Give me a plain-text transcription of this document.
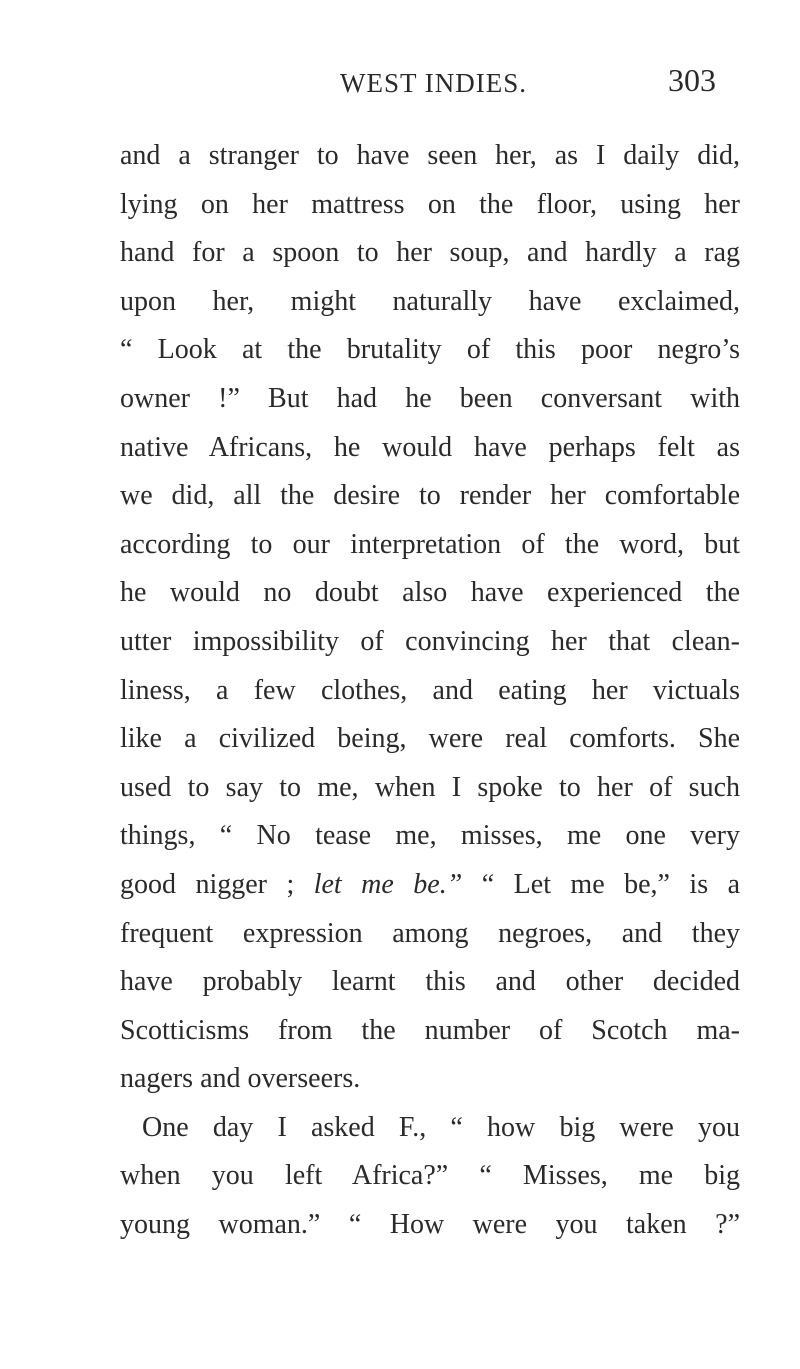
WEST INDIES.	303
and a stranger to have seen her, as I daily did,
lying on her mattress on the floor, using her
hand for a spoon to her soup, and hardly a rag
upon her, might naturally have exclaimed,
“ Look at the brutality of this poor negro’s
owner !” But had he been conversant with
native Africans, he would have perhaps felt as
we did, all the desire to render her comfortable
according to our interpretation of the word, but
he would no doubt also have experienced the
utter impossibility of convincing her that clean-
liness, a few clothes, and eating her victuals
like a civilized being, were real comforts. She
used to say to me, when I spoke to her of such
things, “ No tease me, misses, me one very
good nigger ; let me be.” “ Let me be,” is a
frequent expression among negroes, and they
have probably learnt this and other decided
Scotticisms from the number of Scotch ma-
nagers and overseers.
One day I asked F., “ how big were you
when you left Africa?” “ Misses, me big
young woman.” “ How were you taken ?”
